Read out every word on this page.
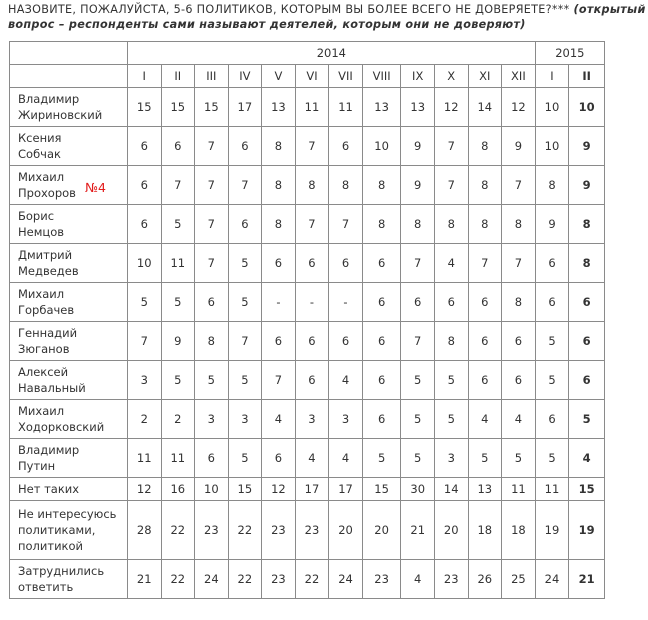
НАЗОВИТЕ, ПОЖАЛУЙСТА, 5-6 ПОЛИТИКОВ, КОТОРЫМ ВЫ БОЛЕЕ ВСЕГО НЕ ДОВЕРЯЕТЕ?*** (открытый
вопрос – респонденты сами называют деятелей, которым они не доверяют)
	2014												2015	
	I	II	III	IV	V	VI	VII	VIII	IX	X	XI	XII	I	II

Владимир
Жириновский	15	15	15	17	13	11	11	13	13	12	14	12	10	10

Ксения
Собчак	6	6	7	6	8	7	6	10	9	7	8	9	10	9

Михаил
Прохоров	6	7	7	7	8	8	8	8	9	7	8	7	8	9

Борис
Немцов	6	5	7	6	8	7	7	8	8	8	8	8	9	8

Дмитрий
Медведев	10	11	7	5	6	6	6	6	7	4	7	7	6	8

Михаил
Горбачев	5	5	6	5	-	-	-	6	6	6	6	8	6	6

Геннадий
Зюганов	7	9	8	7	6	6	6	6	7	8	6	6	5	6

Алексей
Навальный	3	5	5	5	7	6	4	6	5	5	6	6	5	6

Михаил
Ходорковский	2	2	3	3	4	3	3	6	5	5	4	4	6	5

Владимир
Путин	11	11	6	5	6	4	4	5	5	3	5	5	5	4

Нет таких	12	16	10	15	12	17	17	15	30	14	13	11	11	15

Не интересуюсь
политиками,
политикой	28	22	23	22	23	23	20	20	21	20	18	18	19	19

Затруднились
ответить	21	22	24	22	23	22	24	23	4	23	26	25	24	21
№4
